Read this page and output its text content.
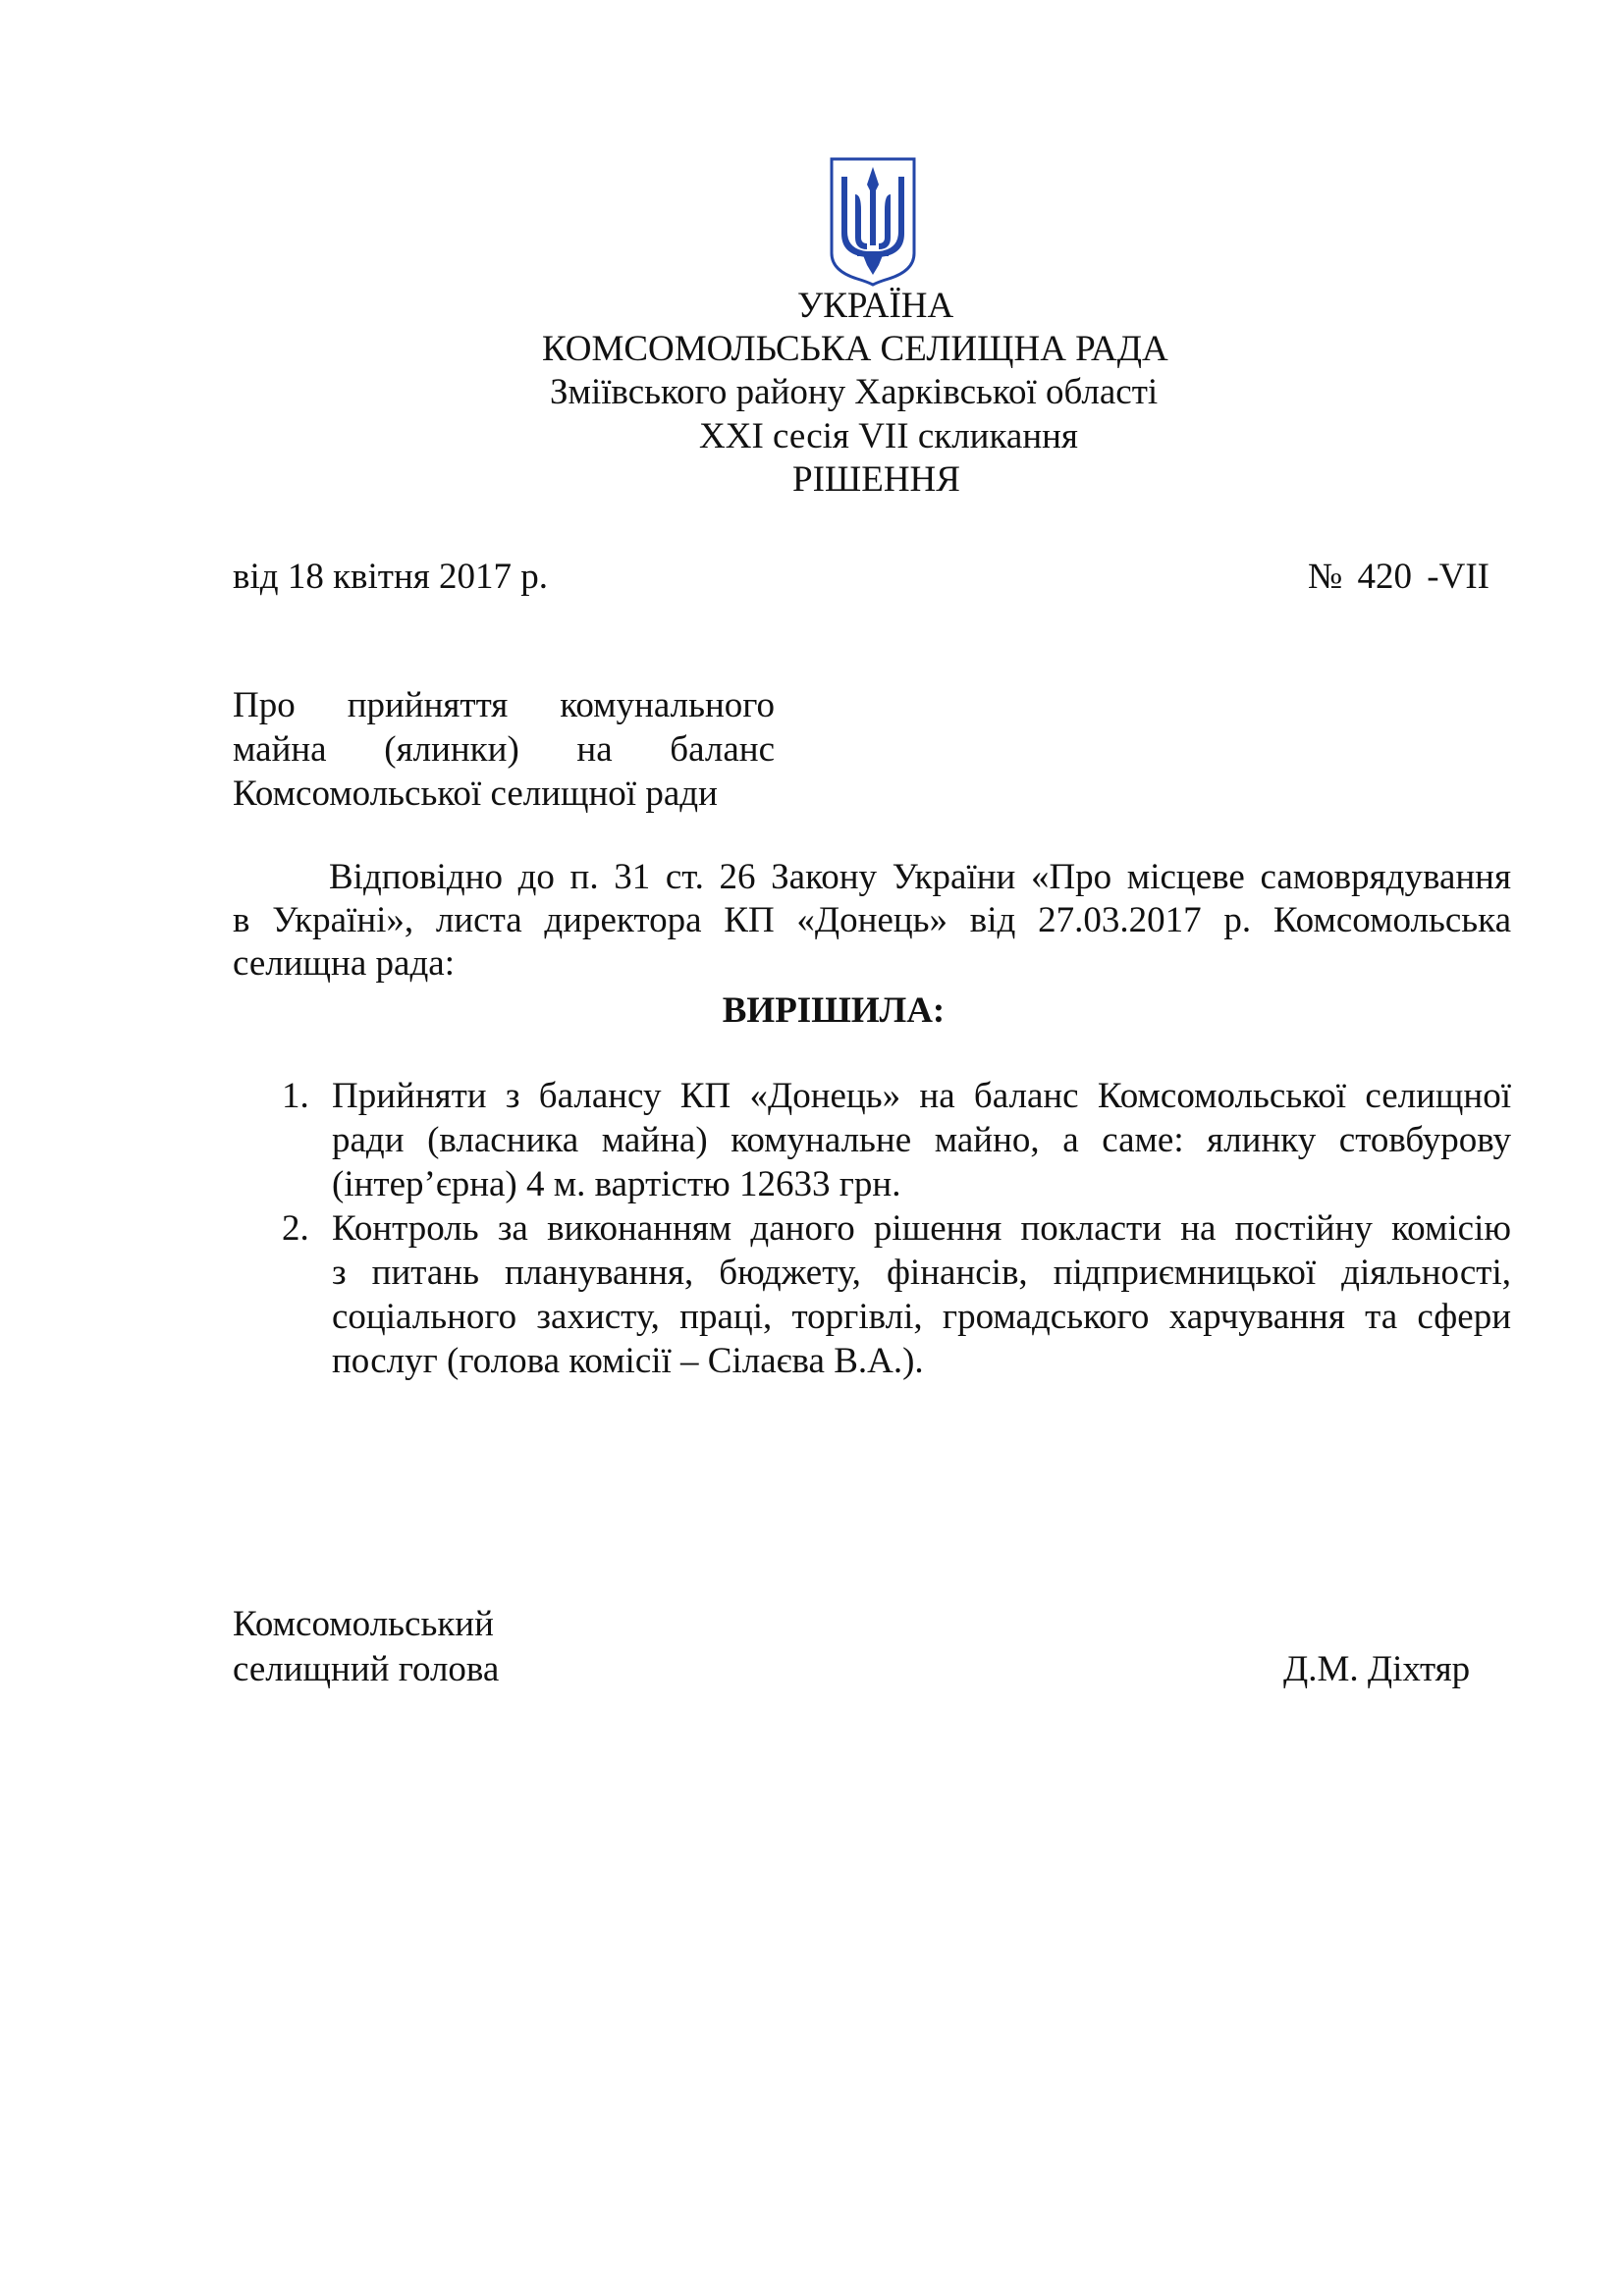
УКРАЇНА
КОМСОМОЛЬСЬКА СЕЛИЩНА РАДА
Зміївського району Харківської області
XXI сесія VII скликання
РІШЕННЯ
від 18 квітня 2017 р.	№ 420 -VII
Про прийняття комунального
майна (ялинки) на баланс
Комсомольської селищної ради
Відповідно до п. 31 ст. 26 Закону України «Про місцеве самоврядування
в Україні», листа директора КП «Донець» від 27.03.2017 р. Комсомольська
селищна рада:
ВИРІШИЛА:
1. Прийняти з балансу КП «Донець» на баланс Комсомольської селищної
ради (власника майна) комунальне майно, а саме: ялинку стовбурову
(інтер’єрна) 4 м. вартістю 12633 грн.
2. Контроль за виконанням даного рішення покласти на постійну комісію
з питань планування, бюджету, фінансів, підприємницької діяльності,
соціального захисту, праці, торгівлі, громадського харчування та сфери
послуг (голова комісії – Сілаєва В.А.).
Комсомольський
селищний голова	Д.М. Діхтяр
